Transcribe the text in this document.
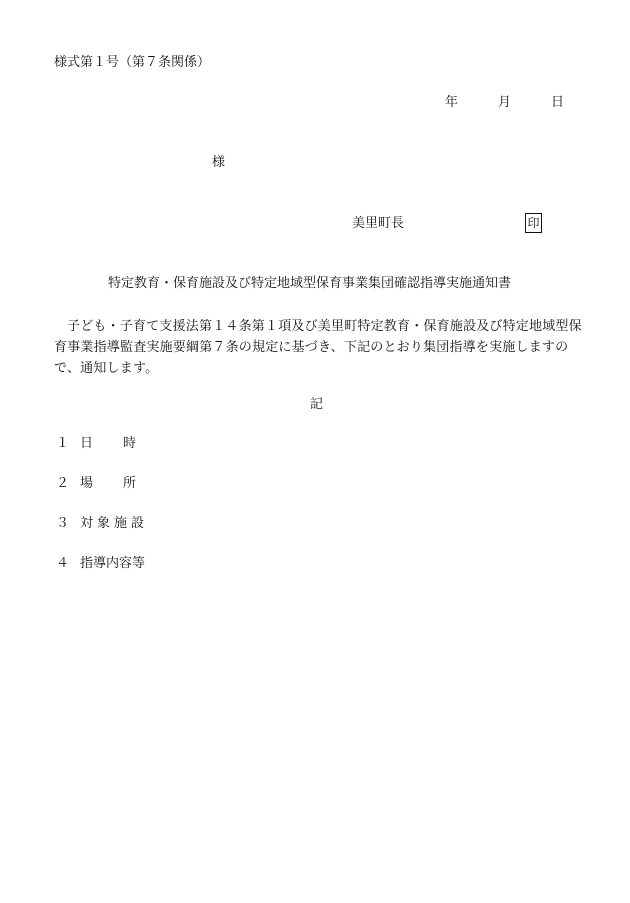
様式第１号（第７条関係）
年	月	日
様
美里町長	印
特定教育・保育施設及び特定地域型保育事業集団確認指導実施通知書
子ども・子育て支援法第１４条第１項及び美里町特定教育・保育施設及び特定地域型保育事業指導監査実施要綱第７条の規定に基づき、下記のとおり集団指導を実施しますので、通知します。
記
１ 日時
２ 場所
３ 対象施設
４ 指導内容等
